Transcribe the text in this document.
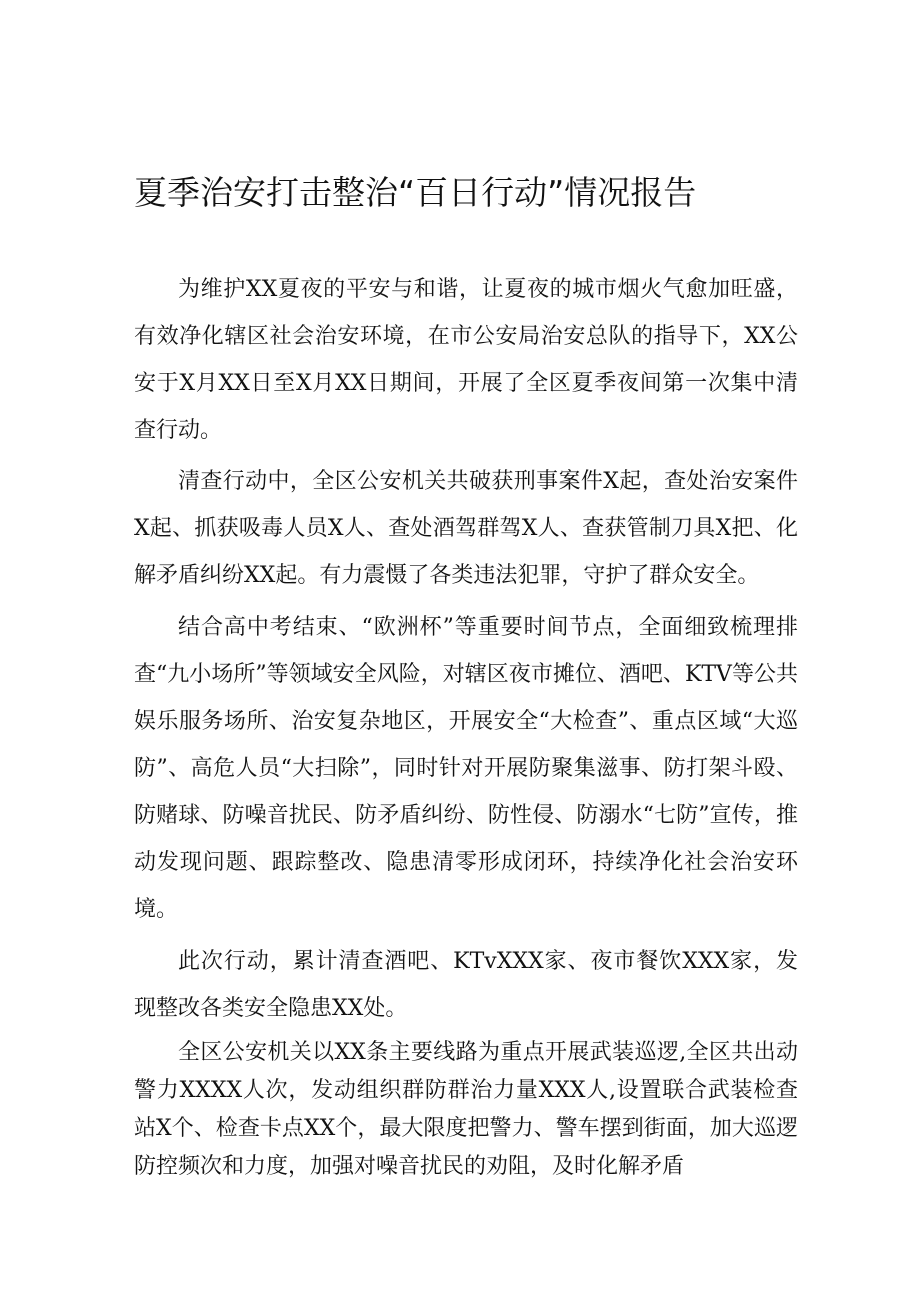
夏季治安打击整治“百日行动”情况报告

为维护XX夏夜的平安与和谐，让夏夜的城市烟火气愈加旺盛，有效净化辖区社会治安环境，在市公安局治安总队的指导下，XX公安于X月XX日至X月XX日期间，开展了全区夏季夜间第一次集中清查行动。

清查行动中，全区公安机关共破获刑事案件X起，查处治安案件X起、抓获吸毒人员X人、查处酒驾群驾X人、查获管制刀具X把、化解矛盾纠纷XX起。有力震慑了各类违法犯罪，守护了群众安全。

结合高中考结束、“欧洲杯”等重要时间节点，全面细致梳理排查“九小场所”等领域安全风险，对辖区夜市摊位、酒吧、KTV等公共娱乐服务场所、治安复杂地区，开展安全“大检查”、重点区域“大巡防”、高危人员“大扫除”，同时针对开展防聚集滋事、防打架斗殴、防赌球、防噪音扰民、防矛盾纠纷、防性侵、防溺水“七防”宣传，推动发现问题、跟踪整改、隐患清零形成闭环，持续净化社会治安环境。

此次行动，累计清查酒吧、KTvXXX家、夜市餐饮XXX家，发现整改各类安全隐患XX处。

全区公安机关以XX条主要线路为重点开展武装巡逻,全区共出动警力XXXX人次，发动组织群防群治力量XXX人,设置联合武装检查站X个、检查卡点XX个，最大限度把警力、警车摆到街面，加大巡逻防控频次和力度，加强对噪音扰民的劝阻，及时化解矛盾
